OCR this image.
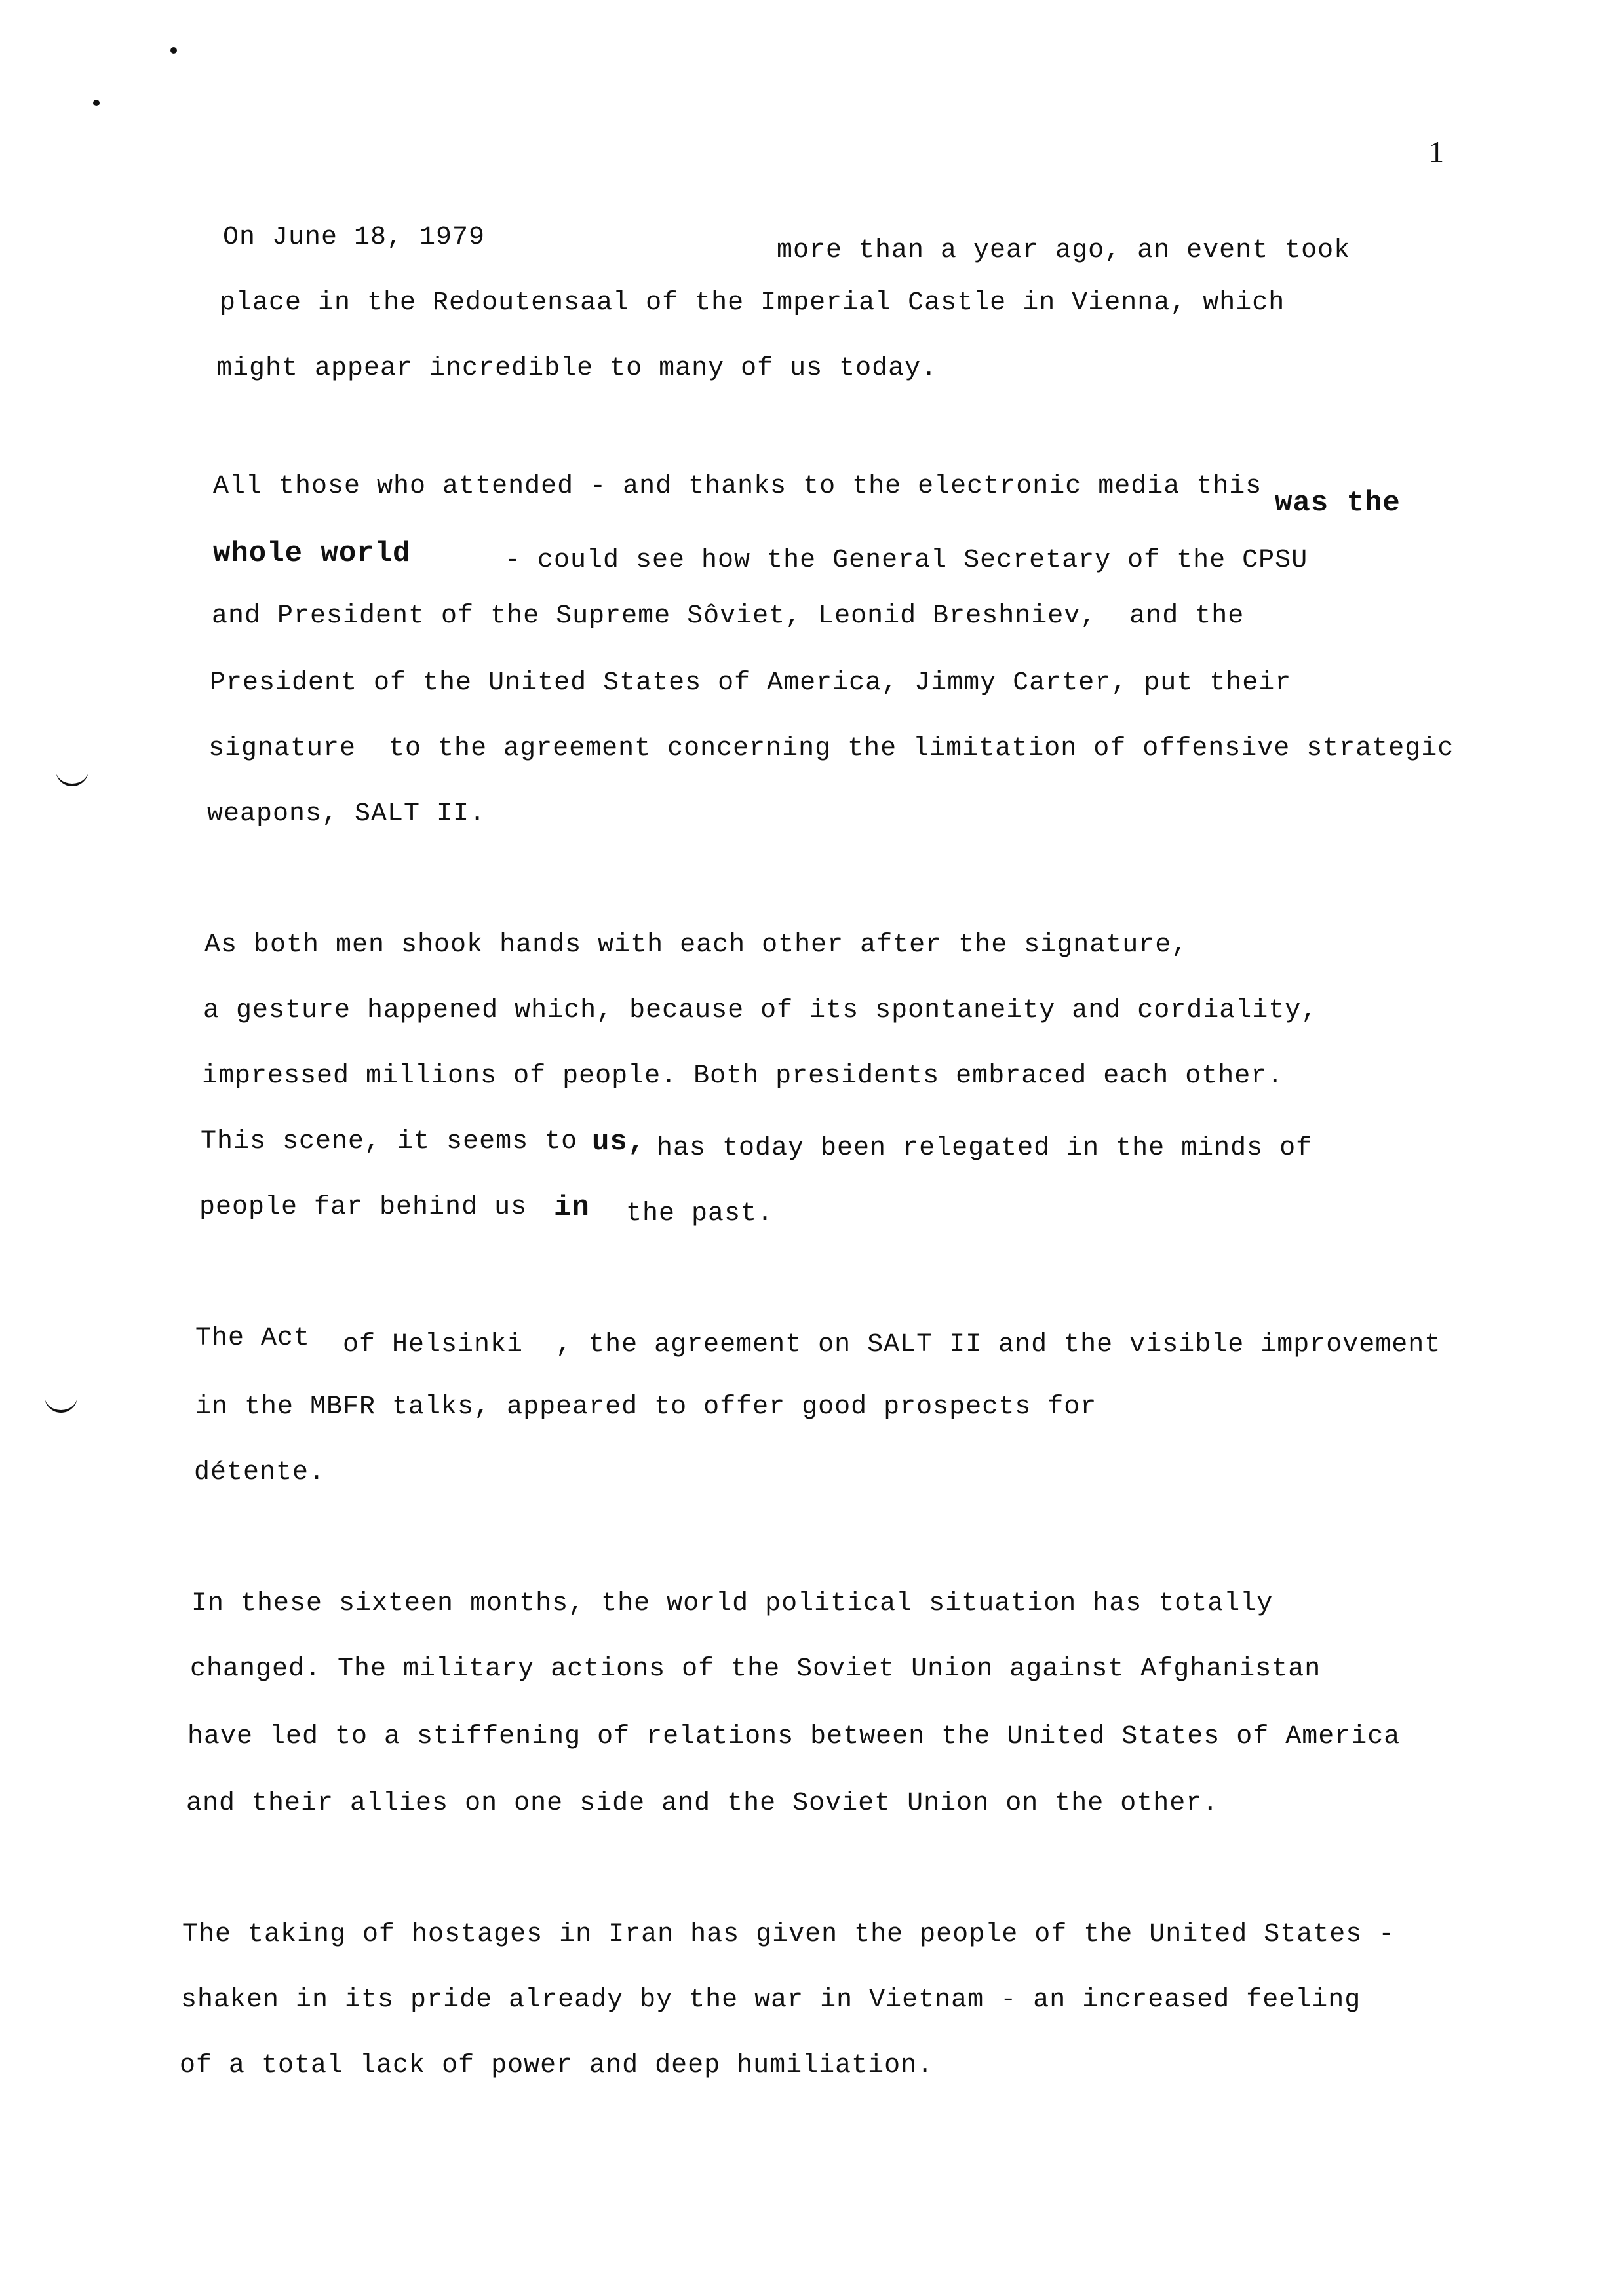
1
On June 18, 1979	more than a year ago, an event took
place in the Redoutensaal of the Imperial Castle in Vienna, which
might appear incredible to many of us today.
All those who attended - and thanks to the electronic media this
was the
whole world	- could see how the General Secretary of the CPSU
and President of the Supreme Sôviet, Leonid Breshniev,  and the
President of the United States of America, Jimmy Carter, put their
signature  to the agreement concerning the limitation of offensive strategic
weapons, SALT II.
As both men shook hands with each other after the signature,
a gesture happened which, because of its spontaneity and cordiality,
impressed millions of people. Both presidents embraced each other.
This scene, it seems to us, has today been relegated in the minds of
people far behind us in the past.
The Act of Helsinki  , the agreement on SALT II and the visible improvement
in the MBFR talks, appeared to offer good prospects for
détente.
In these sixteen months, the world political situation has totally
changed. The military actions of the Soviet Union against Afghanistan
have led to a stiffening of relations between the United States of America
and their allies on one side and the Soviet Union on the other.
The taking of hostages in Iran has given the people of the United States -
shaken in its pride already by the war in Vietnam - an increased feeling
of a total lack of power and deep humiliation.
